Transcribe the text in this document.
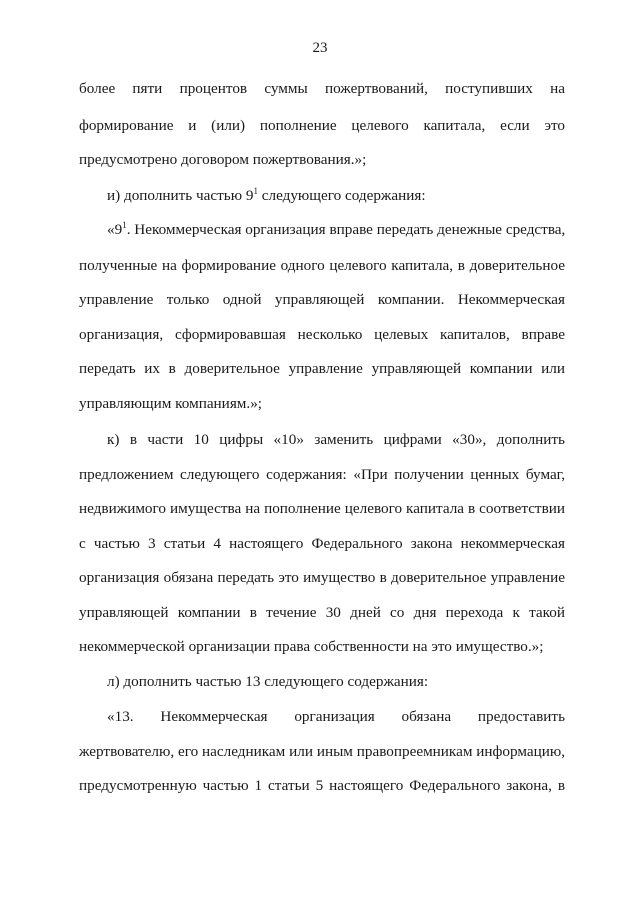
23
более пяти процентов суммы пожертвований, поступивших на
формирование и (или) пополнение целевого капитала, если это
предусмотрено договором пожертвования.»;
и) дополнить частью $9^1$ следующего содержания:
«$9^1$. Некоммерческая организация вправе передать денежные средства,
полученные на формирование одного целевого капитала, в доверительное
управление только одной управляющей компании. Некоммерческая
организация, сформировавшая несколько целевых капиталов, вправе
передать их в доверительное управление управляющей компании или
управляющим компаниям.»;
к) в части 10 цифры «10» заменить цифрами «30», дополнить
предложением следующего содержания: «При получении ценных бумаг,
недвижимого имущества на пополнение целевого капитала в соответствии
с частью 3 статьи 4 настоящего Федерального закона некоммерческая
организация обязана передать это имущество в доверительное управление
управляющей компании в течение 30 дней со дня перехода к такой
некоммерческой организации права собственности на это имущество.»;
л) дополнить частью 13 следующего содержания:
«13. Некоммерческая организация обязана предоставить
жертвователю, его наследникам или иным правопреемникам информацию,
предусмотренную частью 1 статьи 5 настоящего Федерального закона, в
